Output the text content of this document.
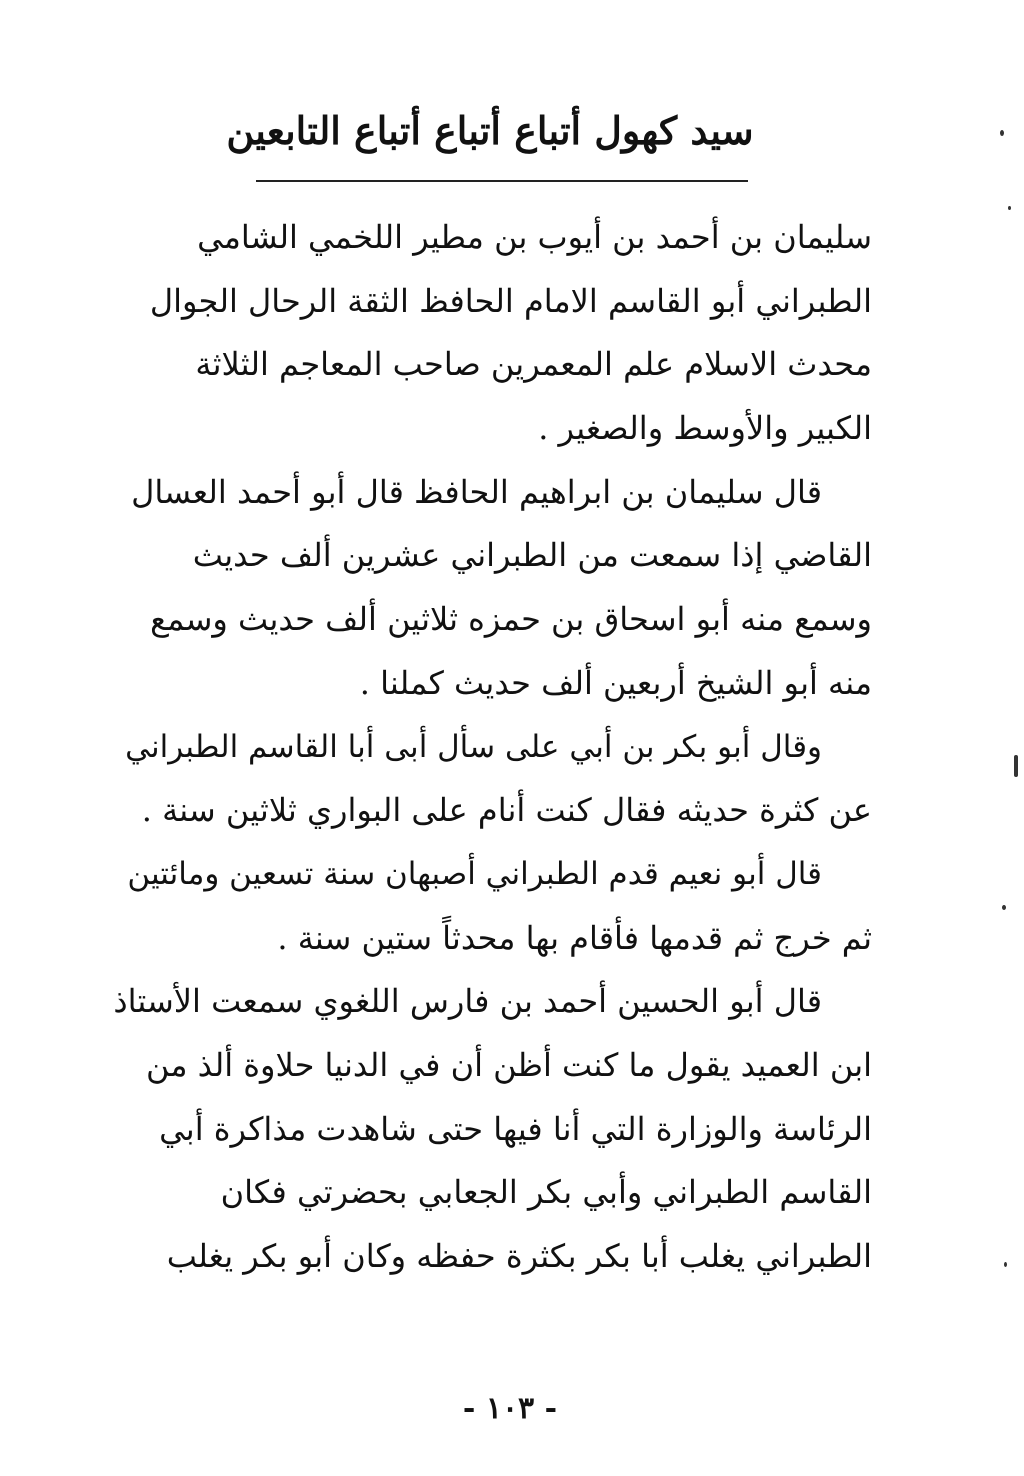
سيد كهول أتباع أتباع أتباع التابعين
سليمان بن أحمد بن أيوب بن مطير اللخمي الشامي
الطبراني أبو القاسم الامام الحافظ الثقة الرحال الجوال
محدث الاسلام علم المعمرين صاحب المعاجم الثلاثة
الكبير والأوسط والصغير .
قال سليمان بن ابراهيم الحافظ قال أبو أحمد العسال
القاضي إذا سمعت من الطبراني عشرين ألف حديث
وسمع منه أبو اسحاق بن حمزه ثلاثين ألف حديث وسمع
منه أبو الشيخ أربعين ألف حديث كملنا .
وقال أبو بكر بن أبي على سأل أبى أبا القاسم الطبراني
عن كثرة حديثه فقال كنت أنام على البواري ثلاثين سنة .
قال أبو نعيم قدم الطبراني أصبهان سنة تسعين ومائتين
ثم خرج ثم قدمها فأقام بها محدثاً ستين سنة .
قال أبو الحسين أحمد بن فارس اللغوي سمعت الأستاذ
ابن العميد يقول ما كنت أظن أن في الدنيا حلاوة ألذ من
الرئاسة والوزارة التي أنا فيها حتى شاهدت مذاكرة أبي
القاسم الطبراني وأبي بكر الجعابي بحضرتي فكان
الطبراني يغلب أبا بكر بكثرة حفظه وكان أبو بكر يغلب
- ١٠٣ -
